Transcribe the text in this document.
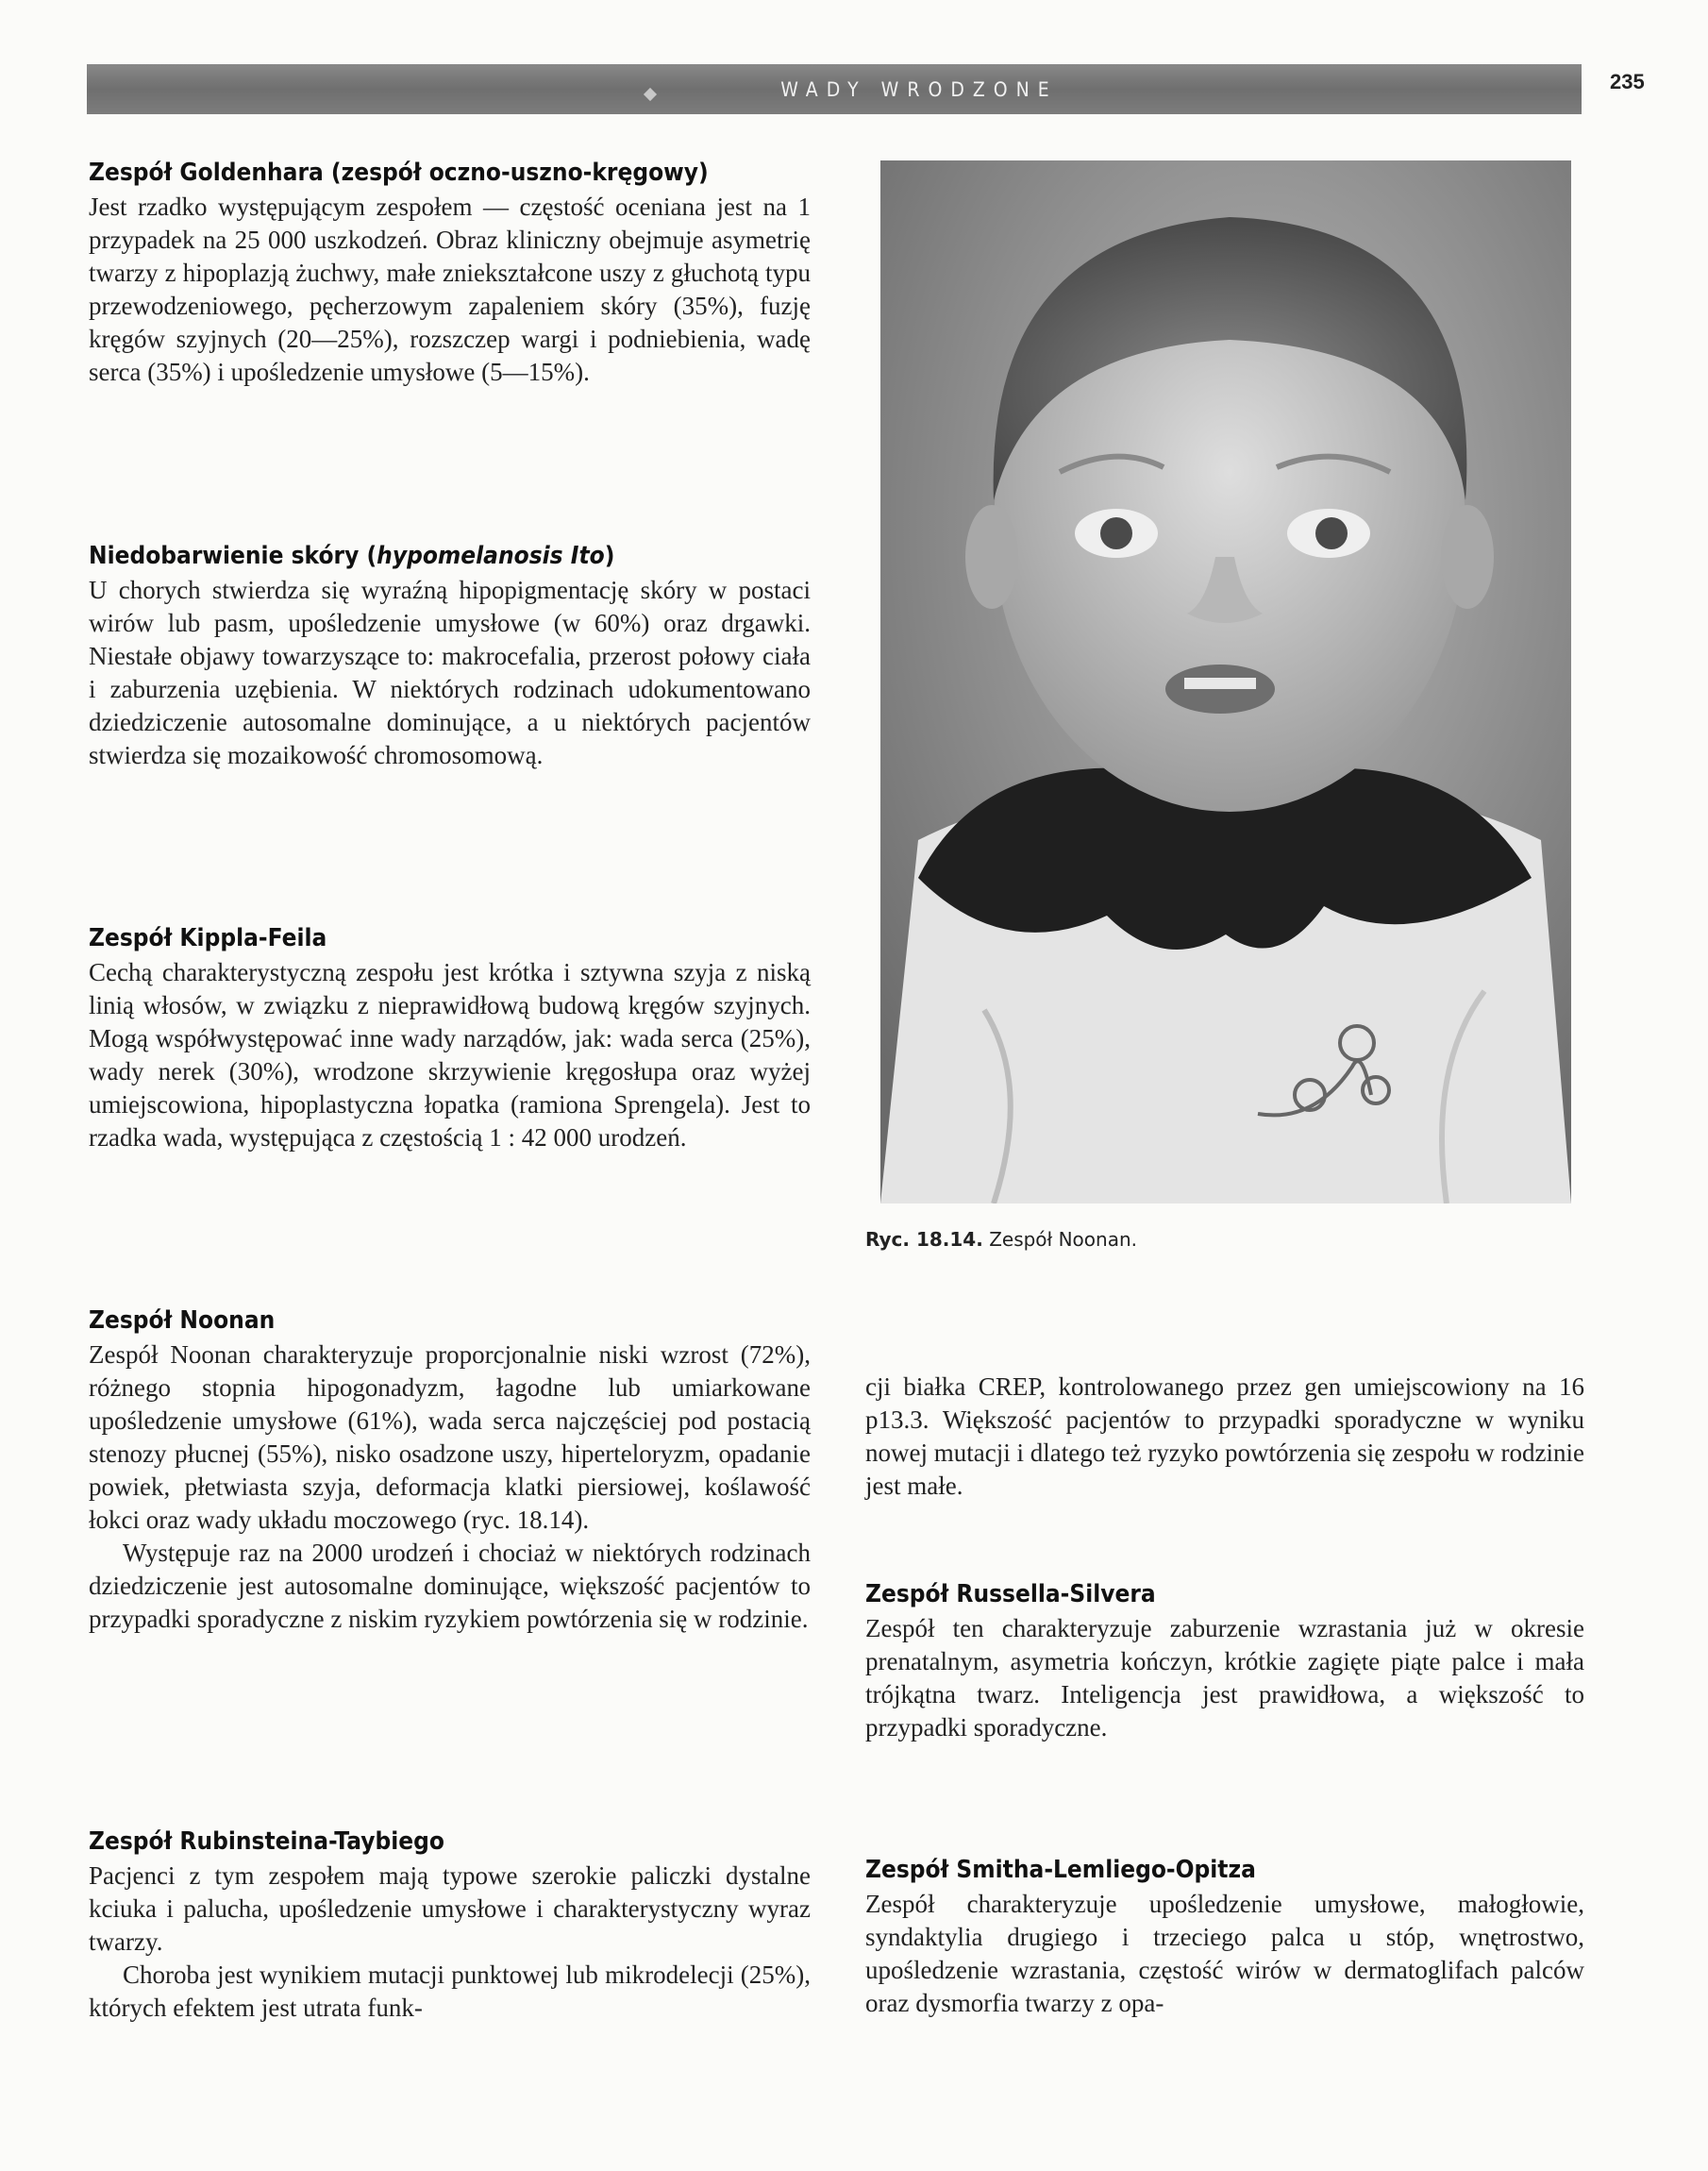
WADY WRODZONE	235
Zespół Goldenhara (zespół oczno-uszno-kręgowy)

Jest rzadko występującym zespołem — częstość oceniana jest na 1 przypadek na 25 000 uszkodzeń. Obraz kliniczny obejmuje asymetrię twarzy z hipoplazją żuchwy, małe zniekształcone uszy z głuchotą typu przewodzeniowego, pęcherzowym zapaleniem skóry (35%), fuzję kręgów szyjnych (20—25%), rozszczep wargi i podniebienia, wadę serca (35%) i upośledzenie umysłowe (5—15%).

Niedobarwienie skóry (hypomelanosis Ito)

U chorych stwierdza się wyraźną hipopigmentację skóry w postaci wirów lub pasm, upośledzenie umysłowe (w 60%) oraz drgawki. Niestałe objawy towarzyszące to: makrocefalia, przerost połowy ciała i zaburzenia uzębienia. W niektórych rodzinach udokumentowano dziedziczenie autosomalne dominujące, a u niektórych pacjentów stwierdza się mozaikowość chromosomową.

Zespół Kippla-Feila

Cechą charakterystyczną zespołu jest krótka i sztywna szyja z niską linią włosów, w związku z nieprawidłową budową kręgów szyjnych. Mogą współwystępować inne wady narządów, jak: wada serca (25%), wady nerek (30%), wrodzone skrzywienie kręgosłupa oraz wyżej umiejscowiona, hipoplastyczna łopatka (ramiona Sprengela). Jest to rzadka wada, występująca z częstością 1 : 42 000 urodzeń.

Zespół Noonan

Zespół Noonan charakteryzuje proporcjonalnie niski wzrost (72%), różnego stopnia hipogonadyzm, łagodne lub umiarkowane upośledzenie umysłowe (61%), wada serca najczęściej pod postacią stenozy płucnej (55%), nisko osadzone uszy, hiperteloryzm, opadanie powiek, płetwiasta szyja, deformacja klatki piersiowej, koślawość łokci oraz wady układu moczowego (ryc. 18.14).

Występuje raz na 2000 urodzeń i chociaż w niektórych rodzinach dziedziczenie jest autosomalne dominujące, większość pacjentów to przypadki sporadyczne z niskim ryzykiem powtórzenia się w rodzinie.

Zespół Rubinsteina-Taybiego

Pacjenci z tym zespołem mają typowe szerokie paliczki dystalne kciuka i palucha, upośledzenie umysłowe i charakterystyczny wyraz twarzy.

Choroba jest wynikiem mutacji punktowej lub mikrodelecji (25%), których efektem jest utrata funk-

Ryc. 18.14. Zespół Noonan.

cji białka CREP, kontrolowanego przez gen umiejscowiony na 16 p13.3. Większość pacjentów to przypadki sporadyczne w wyniku nowej mutacji i dlatego też ryzyko powtórzenia się zespołu w rodzinie jest małe.

Zespół Russella-Silvera

Zespół ten charakteryzuje zaburzenie wzrastania już w okresie prenatalnym, asymetria kończyn, krótkie zagięte piąte palce i mała trójkątna twarz. Inteligencja jest prawidłowa, a większość to przypadki sporadyczne.

Zespół Smitha-Lemliego-Opitza

Zespół charakteryzuje upośledzenie umysłowe, małogłowie, syndaktylia drugiego i trzeciego palca u stóp, wnętrostwo, upośledzenie wzrastania, częstość wirów w dermatoglifach palców oraz dysmorfia twarzy z opa-
